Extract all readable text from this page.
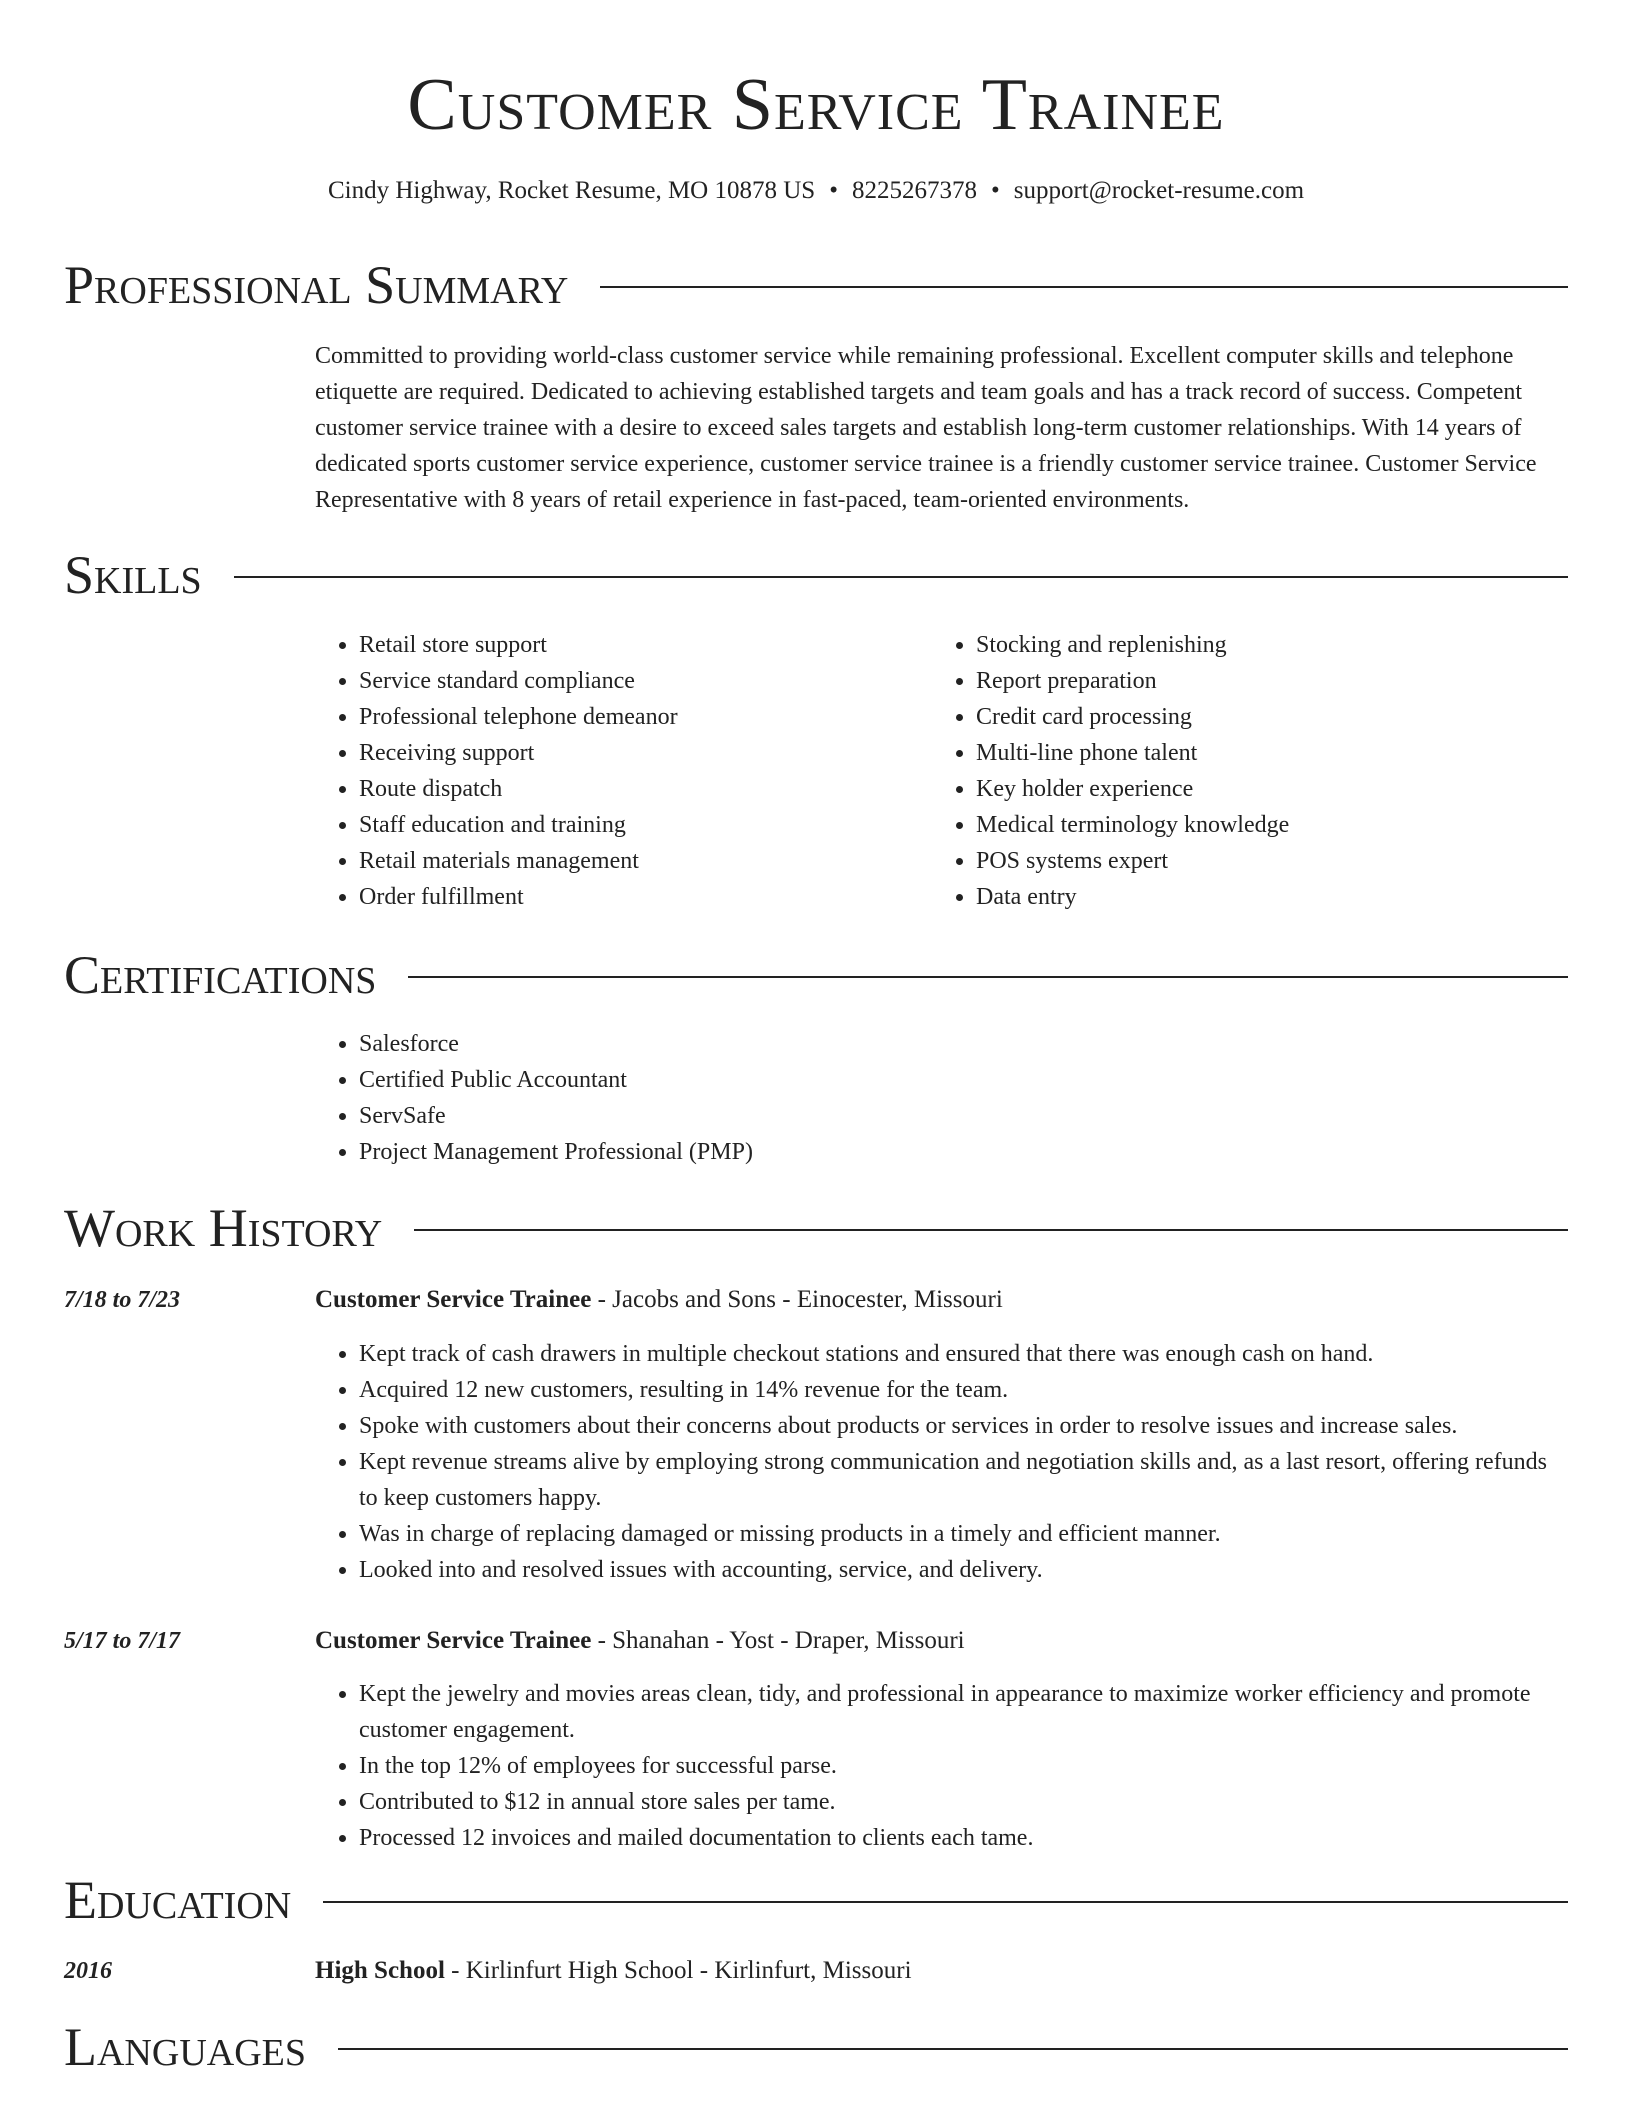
Customer Service Trainee
Cindy Highway, Rocket Resume, MO 10878 US • 8225267378 • support@rocket-resume.com
Professional Summary
Committed to providing world-class customer service while remaining professional. Excellent computer skills and telephone etiquette are required. Dedicated to achieving established targets and team goals and has a track record of success. Competent customer service trainee with a desire to exceed sales targets and establish long-term customer relationships. With 14 years of dedicated sports customer service experience, customer service trainee is a friendly customer service trainee. Customer Service Representative with 8 years of retail experience in fast-paced, team-oriented environments.
Skills
• Retail store support
• Service standard compliance
• Professional telephone demeanor
• Receiving support
• Route dispatch
• Staff education and training
• Retail materials management
• Order fulfillment
• Stocking and replenishing
• Report preparation
• Credit card processing
• Multi-line phone talent
• Key holder experience
• Medical terminology knowledge
• POS systems expert
• Data entry
Certifications
• Salesforce
• Certified Public Accountant
• ServSafe
• Project Management Professional (PMP)
Work History
7/18 to 7/23	Customer Service Trainee - Jacobs and Sons - Einocester, Missouri
• Kept track of cash drawers in multiple checkout stations and ensured that there was enough cash on hand.
• Acquired 12 new customers, resulting in 14% revenue for the team.
• Spoke with customers about their concerns about products or services in order to resolve issues and increase sales.
• Kept revenue streams alive by employing strong communication and negotiation skills and, as a last resort, offering refunds to keep customers happy.
• Was in charge of replacing damaged or missing products in a timely and efficient manner.
• Looked into and resolved issues with accounting, service, and delivery.
5/17 to 7/17	Customer Service Trainee - Shanahan - Yost - Draper, Missouri
• Kept the jewelry and movies areas clean, tidy, and professional in appearance to maximize worker efficiency and promote customer engagement.
• In the top 12% of employees for successful parse.
• Contributed to $12 in annual store sales per tame.
• Processed 12 invoices and mailed documentation to clients each tame.
Education
2016	High School - Kirlinfurt High School - Kirlinfurt, Missouri
Languages
